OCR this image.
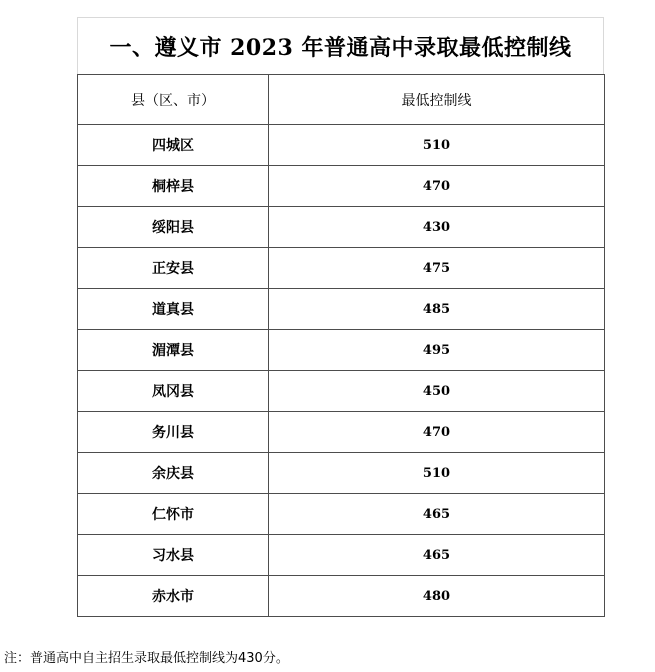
一、遵义市 2023 年普通高中录取最低控制线
县（区、市）	最低控制线
四城区	510
桐梓县	470
绥阳县	430
正安县	475
道真县	485
湄潭县	495
凤冈县	450
务川县	470
余庆县	510
仁怀市	465
习水县	465
赤水市	480
注：普通高中自主招生录取最低控制线为430分。
